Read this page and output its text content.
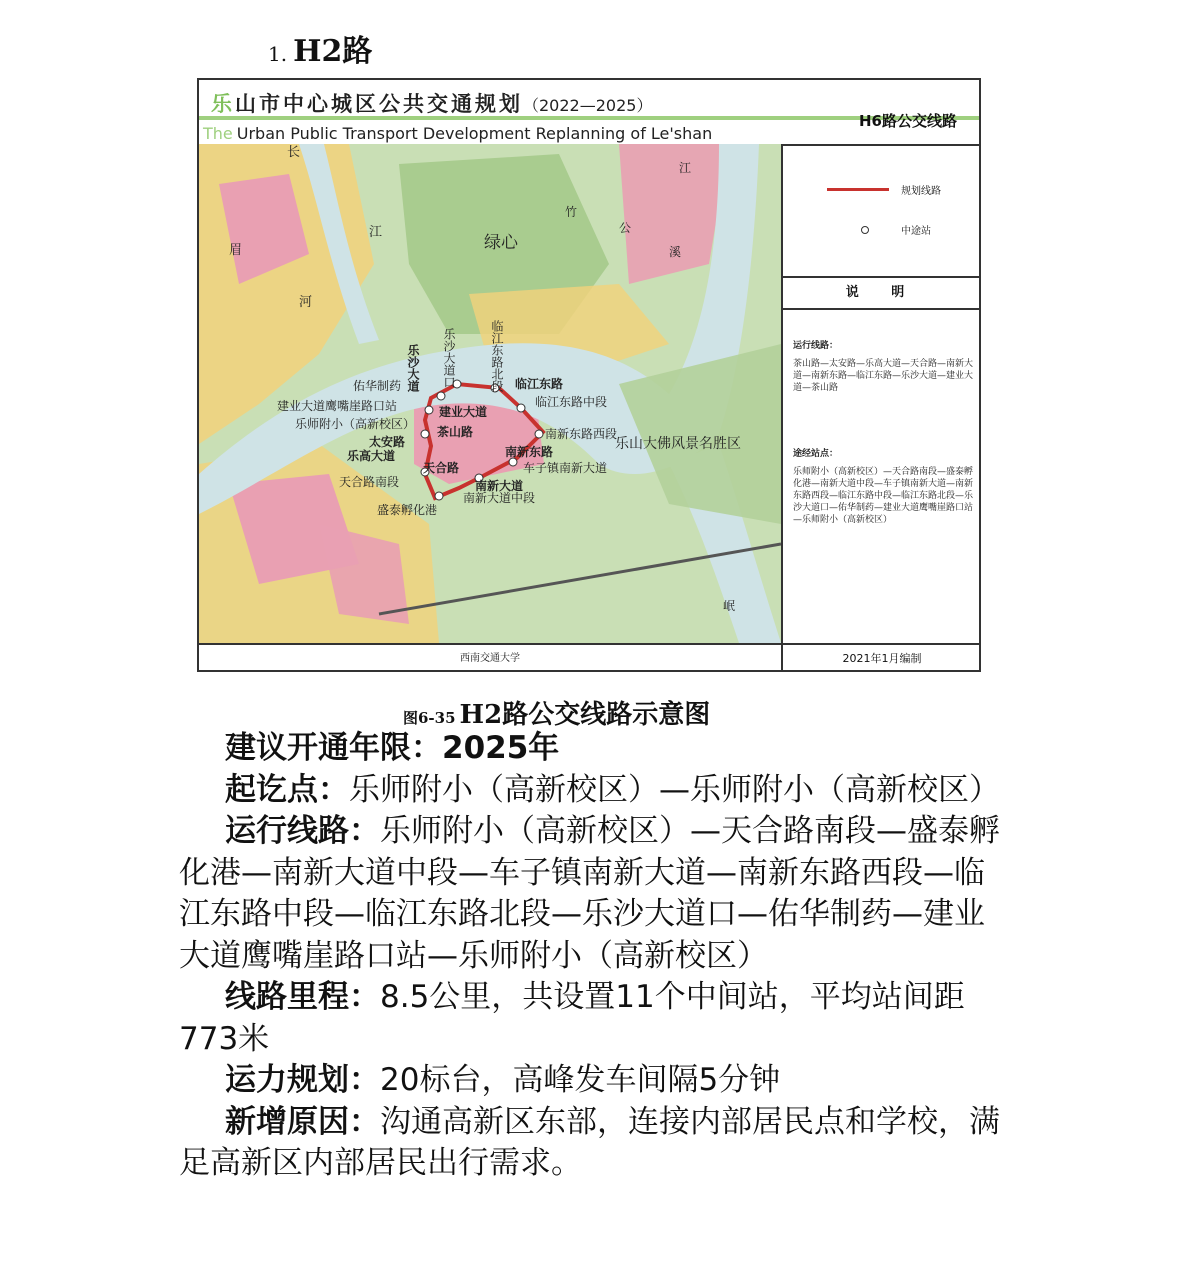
1. H2路
乐山市中心城区公共交通规划（2022—2025）
The Urban Public Transport Development Replanning of Le'shan
H6路公交线路
绿心
乐山大佛风景名胜区
河
江
眉
长
竹
公
溪
江
岷
乐沙大道 乐沙大道口	临江东路北段 临江东路
临江东路中段
佑华制药
建业大道鹰嘴崖路口站	建业大道
乐师附小（高新校区）
茶山路
太安路
乐高大道
天合路
天合路南段
南新东路西段
南新东路
车子镇南新大道
南新大道
南新大道中段
盛泰孵化港
规划线路
中途站
说 明
运行线路：
茶山路—太安路—乐高大道—天合路—南新大道—南新东路—临江东路—乐沙大道—建业大道—茶山路
途经站点：
乐师附小（高新校区）—天合路南段—盛泰孵化港—南新大道中段—车子镇南新大道—南新东路西段—临江东路中段—临江东路北段—乐沙大道口—佑华制药—建业大道鹰嘴崖路口站—乐师附小（高新校区）
西南交通大学	2021年1月编制
图6-35 H2路公交线路示意图

建议开通年限：2025年

起讫点：乐师附小（高新校区）—乐师附小（高新校区）

运行线路：乐师附小（高新校区）—天合路南段—盛泰孵化港—南新大道中段—车子镇南新大道—南新东路西段—临江东路中段—临江东路北段—乐沙大道口—佑华制药—建业大道鹰嘴崖路口站—乐师附小（高新校区）

线路里程：8.5公里，共设置11个中间站，平均站间距773米

运力规划：20标台，高峰发车间隔5分钟

新增原因：沟通高新区东部，连接内部居民点和学校，满足高新区内部居民出行需求。
